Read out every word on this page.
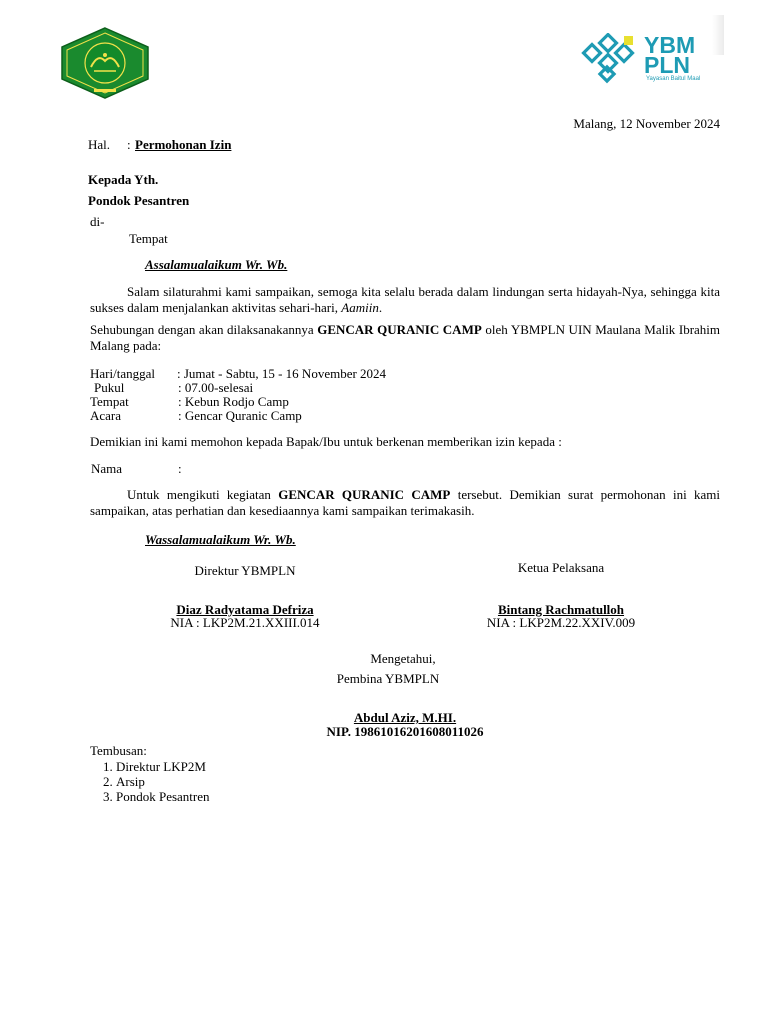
YBM
PLN
Yayasan Baitul Maal
Malang, 12 November 2024
Hal. : Permohonan Izin
Kepada Yth.
Pondok Pesantren
di-
Tempat
Assalamualaikum Wr. Wb.
Salam silaturahmi kami sampaikan, semoga kita selalu berada dalam lindungan serta hidayah-Nya, sehingga kita sukses dalam menjalankan aktivitas sehari-hari, Aamiin.
Sehubungan dengan akan dilaksanakannya GENCAR QURANIC CAMP oleh YBMPLN UIN Maulana Malik Ibrahim Malang pada:
Hari/tanggal : Jumat - Sabtu, 15 - 16 November 2024
Pukul	: 07.00-selesai
Tempat	: Kebun Rodjo Camp
Acara	: Gencar Quranic Camp
Demikian ini kami memohon kepada Bapak/Ibu untuk berkenan memberikan izin kepada :
Nama	:
Untuk mengikuti kegiatan GENCAR QURANIC CAMP tersebut. Demikian surat permohonan ini kami sampaikan, atas perhatian dan kesediaannya kami sampaikan terimakasih.
Wassalamualaikum Wr. Wb.
Direktur YBMPLN	Ketua Pelaksana
Diaz Radyatama Defriza
NIA : LKP2M.21.XXIII.014
Bintang Rachmatulloh
NIA : LKP2M.22.XXIV.009
Mengetahui,
Pembina YBMPLN
Abdul Aziz, M.HI.
NIP. 19861016201608011026
Tembusan:
1. Direktur LKP2M
2. Arsip
3. Pondok Pesantren
